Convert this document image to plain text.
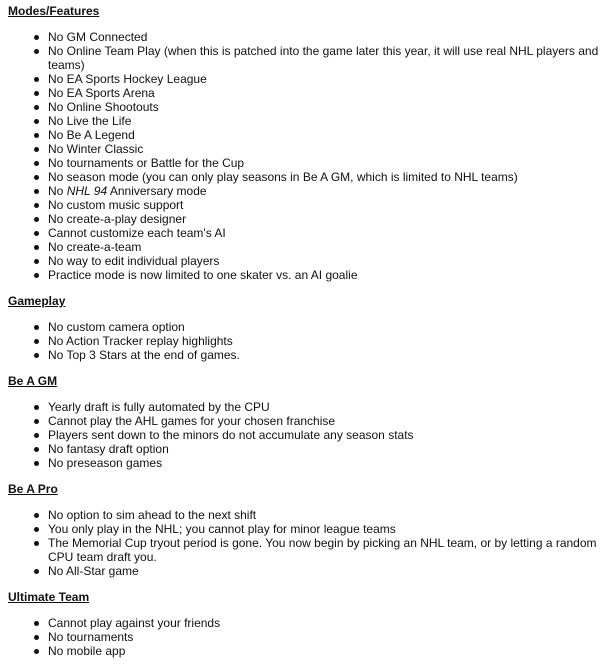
Modes/Features
No GM Connected
No Online Team Play (when this is patched into the game later this year, it will use real NHL players and teams)
No EA Sports Hockey League
No EA Sports Arena
No Online Shootouts
No Live the Life
No Be A Legend
No Winter Classic
No tournaments or Battle for the Cup
No season mode (you can only play seasons in Be A GM, which is limited to NHL teams)
No NHL 94 Anniversary mode
No custom music support
No create-a-play designer
Cannot customize each team's AI
No create-a-team
No way to edit individual players
Practice mode is now limited to one skater vs. an AI goalie
Gameplay
No custom camera option
No Action Tracker replay highlights
No Top 3 Stars at the end of games.
Be A GM
Yearly draft is fully automated by the CPU
Cannot play the AHL games for your chosen franchise
Players sent down to the minors do not accumulate any season stats
No fantasy draft option
No preseason games
Be A Pro
No option to sim ahead to the next shift
You only play in the NHL; you cannot play for minor league teams
The Memorial Cup tryout period is gone. You now begin by picking an NHL team, or by letting a random CPU team draft you.
No All-Star game
Ultimate Team
Cannot play against your friends
No tournaments
No mobile app
